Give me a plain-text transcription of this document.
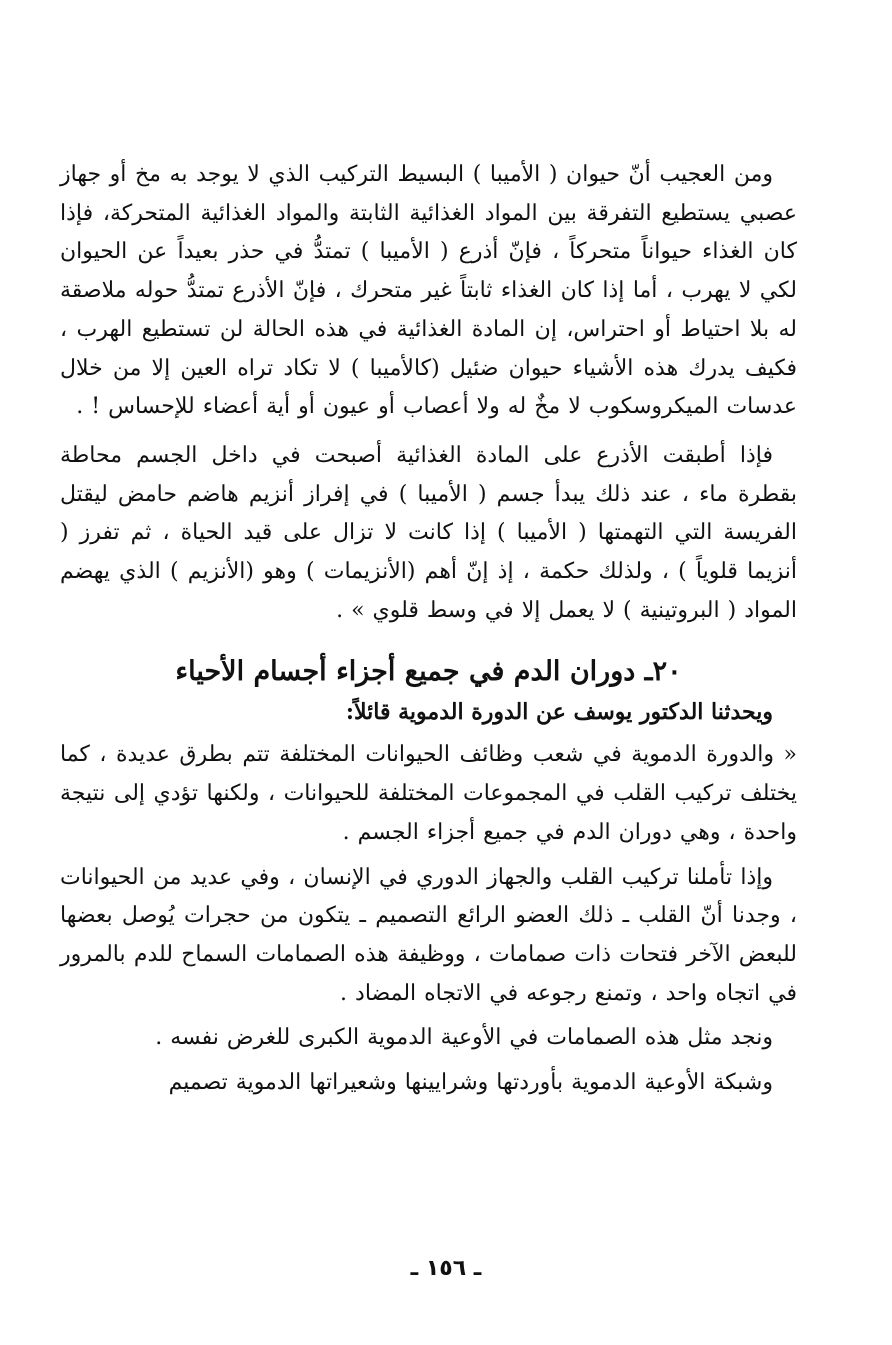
ومن العجيب أنّ حيوان ( الأميبا ) البسيط التركيب الذي لا يوجد به مخ أو جهاز عصبي يستطيع التفرقة بين المواد الغذائية الثابتة والمواد الغذائية المتحركة، فإذا كان الغذاء حيواناً متحركاً ، فإنّ أذرع ( الأميبا ) تمتدُّ في حذر بعيداً عن الحيوان لكي لا يهرب ، أما إذا كان الغذاء ثابتاً غير متحرك ، فإنّ الأذرع تمتدُّ حوله ملاصقة له بلا احتياط أو احتراس، إن المادة الغذائية في هذه الحالة لن تستطيع الهرب ، فكيف يدرك هذه الأشياء حيوان ضئيل (كالأميبا ) لا تكاد تراه العين إلا من خلال عدسات الميكروسكوب لا مخٌ له ولا أعصاب أو عيون أو أية أعضاء للإحساس ! .

فإذا أطبقت الأذرع على المادة الغذائية أصبحت في داخل الجسم محاطة بقطرة ماء ، عند ذلك يبدأ جسم ( الأميبا ) في إفراز أنزيم هاضم حامض ليقتل الفريسة التي التهمتها ( الأميبا ) إذا كانت لا تزال على قيد الحياة ، ثم تفرز ( أنزيما قلوياً ) ، ولذلك حكمة ، إذ إنّ أهم (الأنزيمات ) وهو (الأنزيم ) الذي يهضم المواد ( البروتينية ) لا يعمل إلا في وسط قلوي » .

٢٠ـ دوران الدم في جميع أجزاء أجسام الأحياء

ويحدثنا الدكتور يوسف عن الدورة الدموية قائلاً:

« والدورة الدموية في شعب وظائف الحيوانات المختلفة تتم بطرق عديدة ، كما يختلف تركيب القلب في المجموعات المختلفة للحيوانات ، ولكنها تؤدي إلى نتيجة واحدة ، وهي دوران الدم في جميع أجزاء الجسم .

وإذا تأملنا تركيب القلب والجهاز الدوري في الإنسان ، وفي عديد من الحيوانات ، وجدنا أنّ القلب ـ ذلك العضو الرائع التصميم ـ يتكون من حجرات يُوصل بعضها للبعض الآخر فتحات ذات صمامات ، ووظيفة هذه الصمامات السماح للدم بالمرور في اتجاه واحد ، وتمنع رجوعه في الاتجاه المضاد .

ونجد مثل هذه الصمامات في الأوعية الدموية الكبرى للغرض نفسه .

وشبكة الأوعية الدموية بأوردتها وشرايينها وشعيراتها الدموية تصميم

ـ ١٥٦ ـ
